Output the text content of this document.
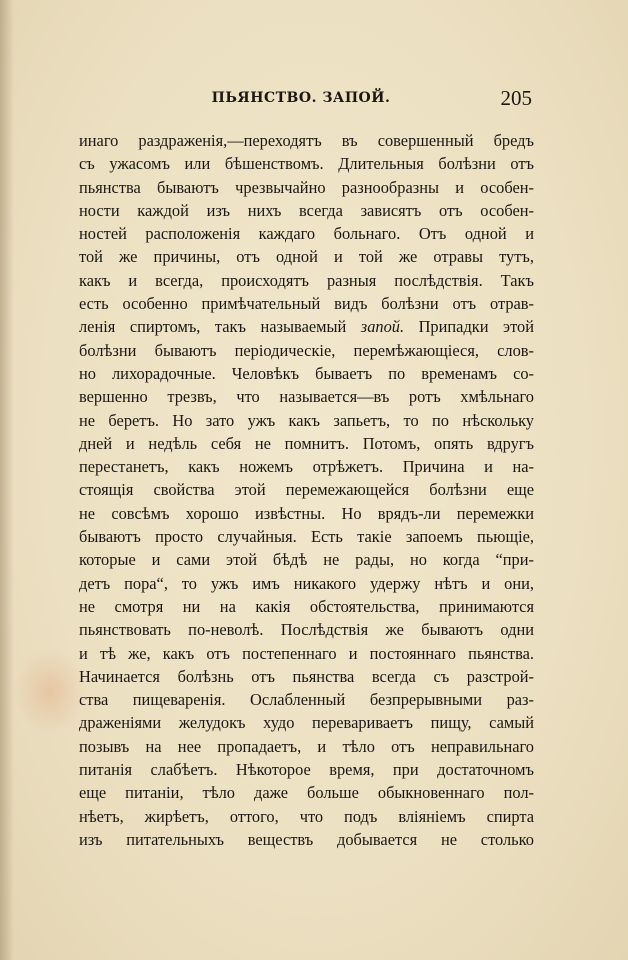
ПЬЯНСТВО. ЗАПОЙ.	205
инаго раздраженія,—переходятъ въ совершенный бредъ
съ ужасомъ или бѣшенствомъ. Длительныя болѣзни отъ
пьянства бываютъ чрезвычайно разнообразны и особен-
ности каждой изъ нихъ всегда зависятъ отъ особен-
ностей расположенія каждаго больнаго. Отъ одной и
той же причины, отъ одной и той же отравы тутъ,
какъ и всегда, происходятъ разныя послѣдствія. Такъ
есть особенно примѣчательный видъ болѣзни отъ отрав-
ленія спиртомъ, такъ называемый запой. Припадки этой
болѣзни бываютъ періодическіе, перемѣжающіеся, слов-
но лихорадочные. Человѣкъ бываетъ по временамъ со-
вершенно трезвъ, что называется—въ ротъ хмѣльнаго
не беретъ. Но зато ужъ какъ запьетъ, то по нѣскольку
дней и недѣль себя не помнитъ. Потомъ, опять вдругъ
перестанетъ, какъ ножемъ отрѣжетъ. Причина и на-
стоящія свойства этой перемежающейся болѣзни еще
не совсѣмъ хорошо извѣстны. Но врядъ-ли перемежки
бываютъ просто случайныя. Есть такіе запоемъ пьющіе,
которые и сами этой бѣдѣ не рады, но когда “при-
детъ пора“, то ужъ имъ никакого удержу нѣтъ и они,
не смотря ни на какія обстоятельства, принимаются
пьянствовать по-неволѣ. Послѣдствія же бываютъ одни
и тѣ же, какъ отъ постепеннаго и постояннаго пьянства.
Начинается болѣзнь отъ пьянства всегда съ разстрой-
ства пищеваренія. Ослабленный безпрерывными раз-
драженіями желудокъ худо перевариваетъ пищу, самый
позывъ на нее пропадаетъ, и тѣло отъ неправильнаго
питанія слабѣетъ. Нѣкоторое время, при достаточномъ
еще питаніи, тѣло даже больше обыкновеннаго пол-
нѣетъ, жирѣетъ, оттого, что подъ вліяніемъ спирта
изъ питательныхъ веществъ добывается не столько
